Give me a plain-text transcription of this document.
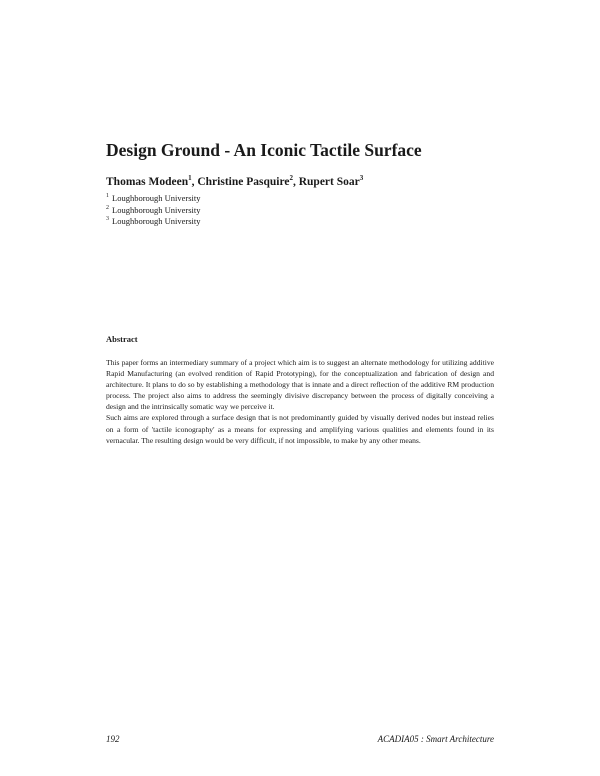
Design Ground - An Iconic Tactile Surface
Thomas Modeen$^1$, Christine Pasquire$^2$, Rupert Soar$^3$
$^1$ Loughborough University
$^2$ Loughborough University
$^3$ Loughborough University
Abstract

This paper forms an intermediary summary of a project which aim is to suggest an alternate methodology for utilizing additive Rapid Manufacturing (an evolved rendition of Rapid Prototyping), for the conceptualization and fabrication of design and architecture. It plans to do so by establishing a methodology that is innate and a direct reflection of the additive RM production process. The project also aims to address the seemingly divisive discrepancy between the process of digitally conceiving a design and the intrinsically somatic way we perceive it.

Such aims are explored through a surface design that is not predominantly guided by visually derived nodes but instead relies on a form of 'tactile iconography' as a means for expressing and amplifying various qualities and elements found in its vernacular. The resulting design would be very difficult, if not impossible, to make by any other means.

192	ACADIA05 : Smart Architecture
